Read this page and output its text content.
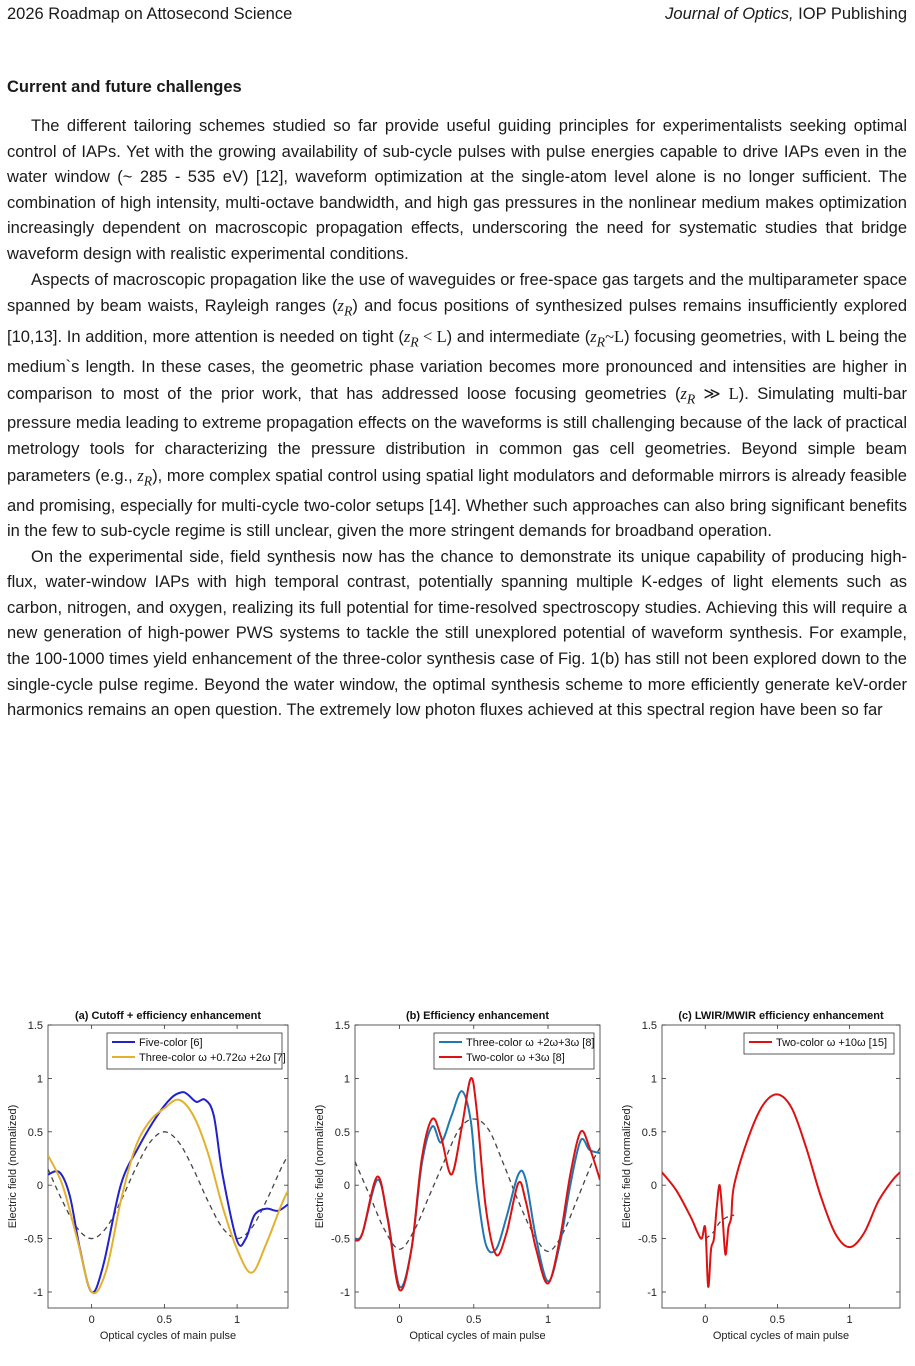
2026 Roadmap on Attosecond Science	Journal of Optics, IOP Publishing
Current and future challenges

The different tailoring schemes studied so far provide useful guiding principles for experimentalists seeking optimal control of IAPs. Yet with the growing availability of sub-cycle pulses with pulse energies capable to drive IAPs even in the water window (~ 285 - 535 eV) [12], waveform optimization at the single-atom level alone is no longer sufficient. The combination of high intensity, multi-octave bandwidth, and high gas pressures in the nonlinear medium makes optimization increasingly dependent on macroscopic propagation effects, underscoring the need for systematic studies that bridge waveform design with realistic experimental conditions.

Aspects of macroscopic propagation like the use of waveguides or free-space gas targets and the multiparameter space spanned by beam waists, Rayleigh ranges $(z_R)$ and focus positions of synthesized pulses remains insufficiently explored [10,13]. In addition, more attention is needed on tight $(z_R < L)$ and intermediate $(z_R\sim L)$ focusing geometries, with L being the medium`s length. In these cases, the geometric phase variation becomes more pronounced and intensities are higher in comparison to most of the prior work, that has addressed loose focusing geometries ($z_R$ ≫ L). Simulating multi-bar pressure media leading to extreme propagation effects on the waveforms is still challenging because of the lack of practical metrology tools for characterizing the pressure distribution in common gas cell geometries. Beyond simple beam parameters (e.g., $z_R$), more complex spatial control using spatial light modulators and deformable mirrors is already feasible and promising, especially for multi-cycle two-color setups [14]. Whether such approaches can also bring significant benefits in the few to sub-cycle regime is still unclear, given the more stringent demands for broadband operation.

On the experimental side, field synthesis now has the chance to demonstrate its unique capability of producing high-flux, water-window IAPs with high temporal contrast, potentially spanning multiple K-edges of light elements such as carbon, nitrogen, and oxygen, realizing its full potential for time-resolved spectroscopy studies. Achieving this will require a new generation of high-power PWS systems to tackle the still unexplored potential of waveform synthesis. For example, the 100-1000 times yield enhancement of the three-color synthesis case of Fig. 1(b) has still not been explored down to the single-cycle pulse regime. Beyond the water window, the optimal synthesis scheme to more efficiently generate keV-order harmonics remains an open question. The extremely low photon fluxes achieved at this spectral region have been so far

(a) Cutoff + efficiency enhancement
-1
-0.5
0
0.5
1
1.5
0	0.5	1
Optical cycles of main pulse
Electric field (normalized)
Five-color [6]
Three-color ω +0.72ω +2ω [7]
(b) Efficiency enhancement
-1
-0.5
0
0.5
1
1.5
0	0.5	1
Optical cycles of main pulse
Electric field (normalized)
Three-color ω +2ω+3ω [8]
Two-color ω +3ω [8]
(c) LWIR/MWIR efficiency enhancement
-1
-0.5
0
0.5
1
1.5
0	0.5	1
Optical cycles of main pulse
Electric field (normalized)
Two-color ω +10ω [15]
